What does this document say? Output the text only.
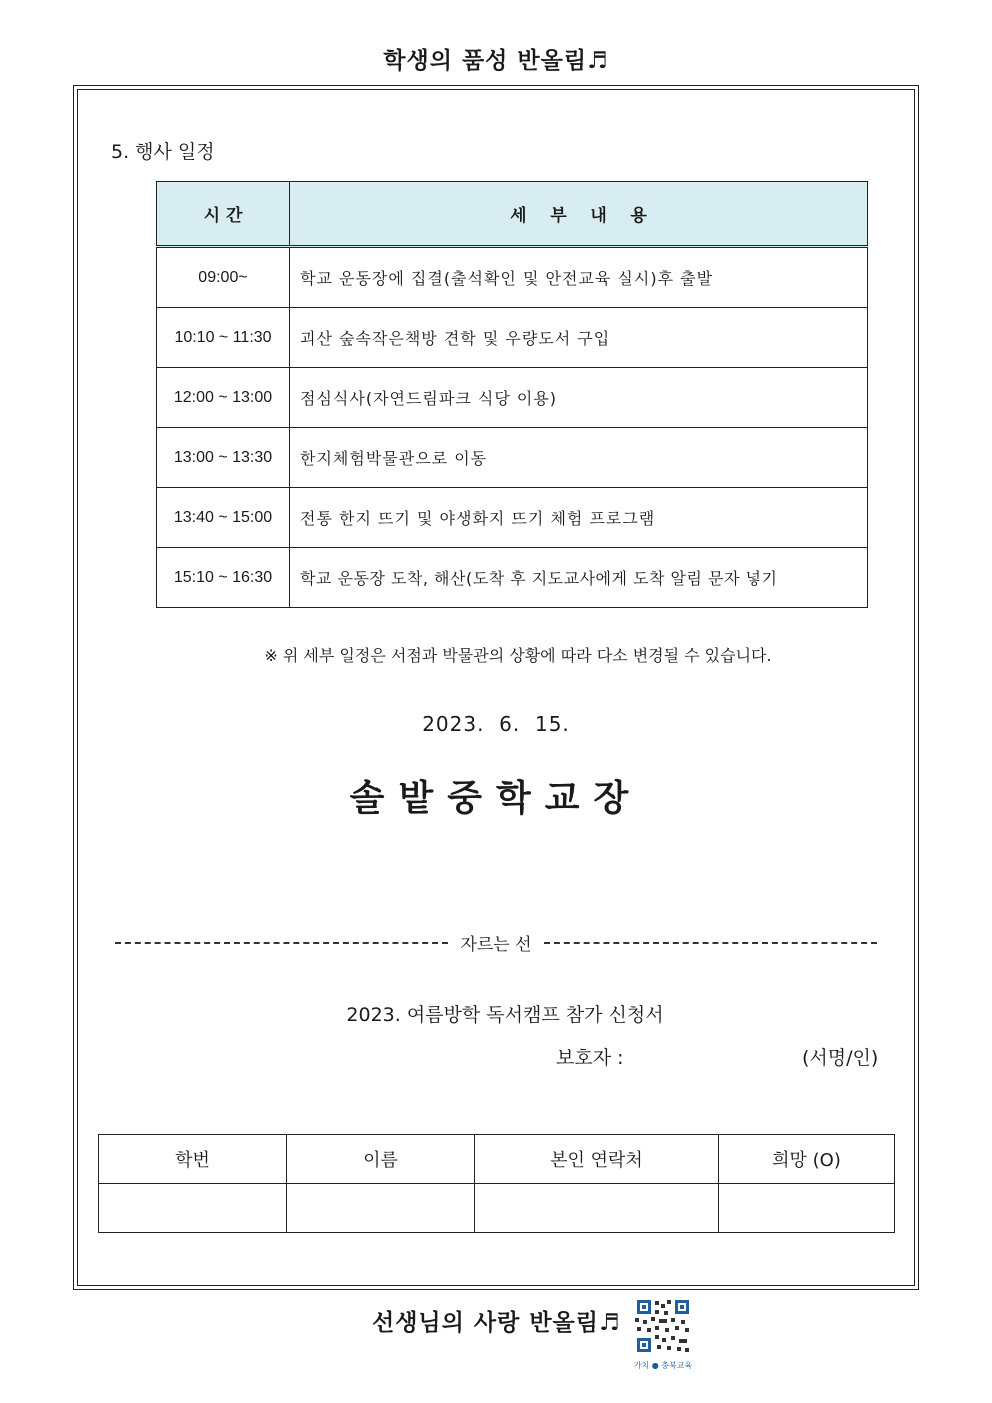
학생의 품성 반올림♬
5. 행사 일정
시 간	세    부    내    용
09:00~	학교 운동장에 집결(출석확인 및 안전교육 실시)후 출발
10:10 ~ 11:30	괴산 숲속작은책방 견학 및 우량도서 구입
12:00 ~ 13:00	점심식사(자연드림파크 식당 이용)
13:00 ~ 13:30	한지체험박물관으로 이동
13:40 ~ 15:00	전통 한지 뜨기 및 야생화지 뜨기 체험 프로그램
15:10 ~ 16:30	학교 운동장 도착, 해산(도착 후 지도교사에게 도착 알림 문자 넣기
※ 위 세부 일정은 서점과 박물관의 상황에 따라 다소 변경될 수 있습니다.
2023.  6.  15.
솔밭중학교장
자르는 선
2023. 여름방학 독서캠프 참가 신청서
보호자 :	(서명/인)
학번	이름	본인 연락처	희망 (O)

선생님의 사랑 반올림♬
가치 ● 충북교육
